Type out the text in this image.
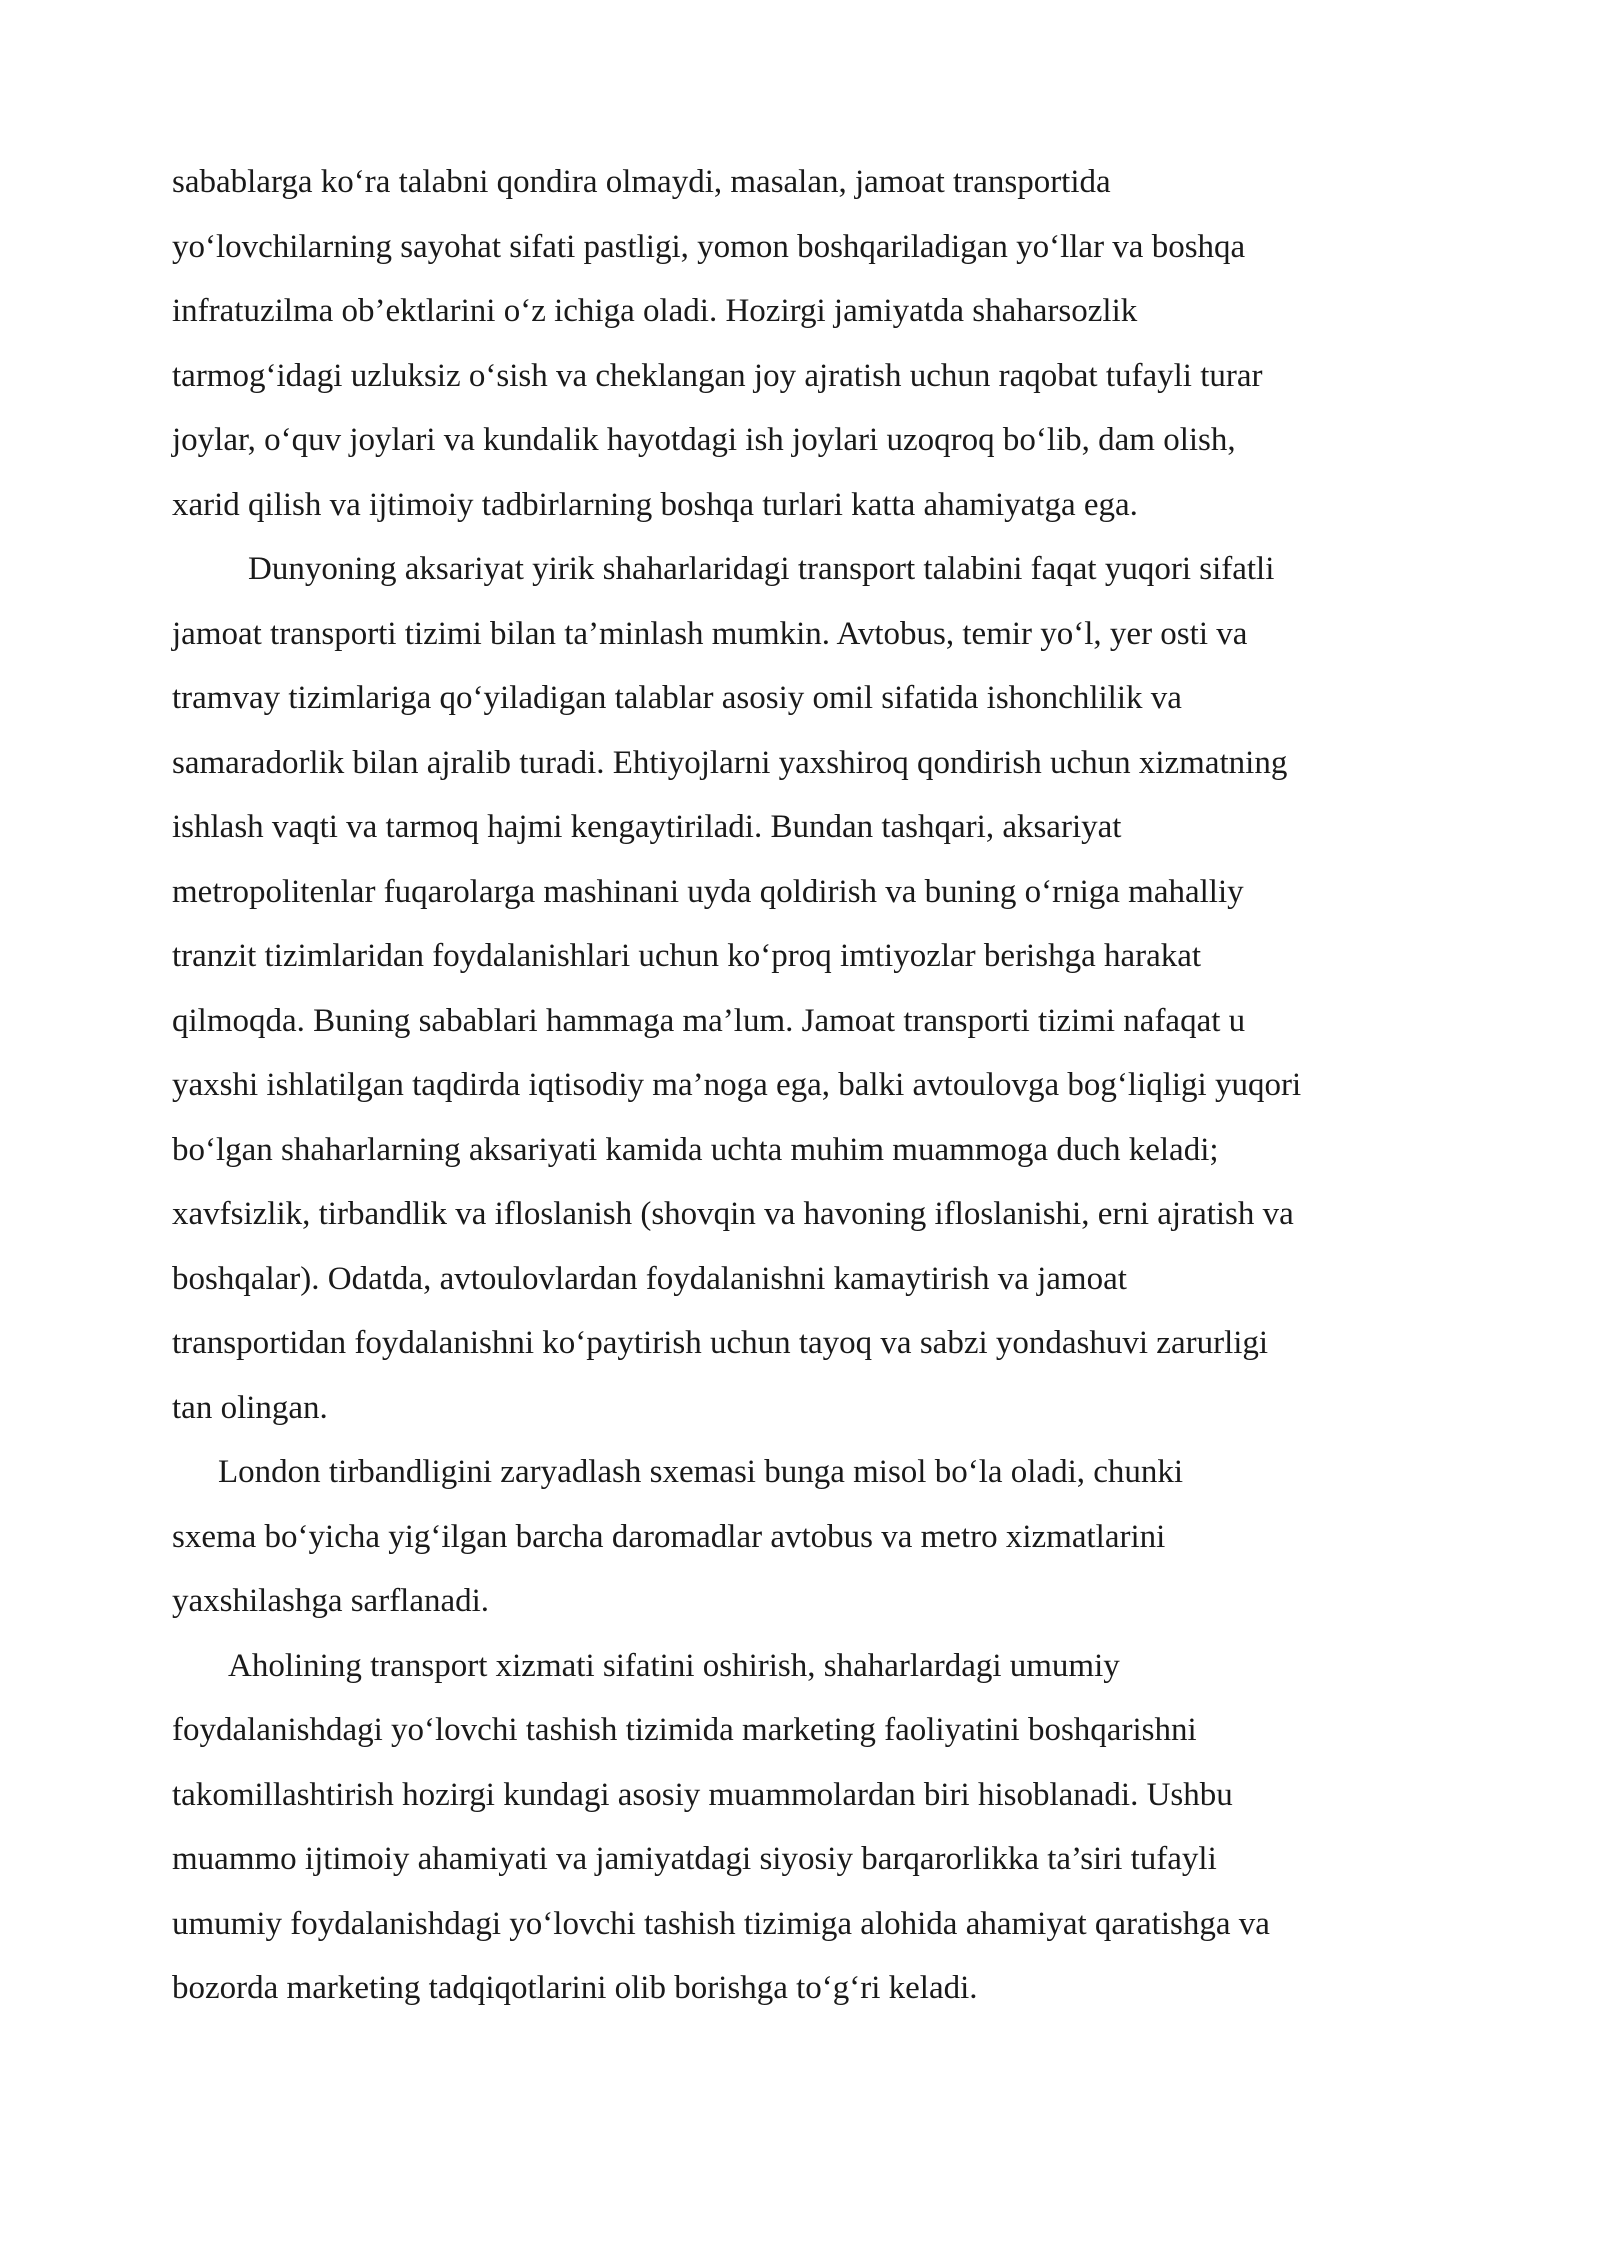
sabablarga ko‘ra talabni qondira olmaydi, masalan, jamoat transportida
yo‘lovchilarning sayohat sifati pastligi, yomon boshqariladigan yo‘llar va boshqa
infratuzilma ob’ektlarini o‘z ichiga oladi. Hozirgi jamiyatda shaharsozlik
tarmog‘idagi uzluksiz o‘sish va cheklangan joy ajratish uchun raqobat tufayli turar
joylar, o‘quv joylari va kundalik hayotdagi ish joylari uzoqroq bo‘lib, dam olish,
xarid qilish va ijtimoiy tadbirlarning boshqa turlari katta ahamiyatga ega.

Dunyoning aksariyat yirik shaharlaridagi transport talabini faqat yuqori sifatli
jamoat transporti tizimi bilan ta’minlash mumkin. Avtobus, temir yo‘l, yer osti va
tramvay tizimlariga qo‘yiladigan talablar asosiy omil sifatida ishonchlilik va
samaradorlik bilan ajralib turadi. Ehtiyojlarni yaxshiroq qondirish uchun xizmatning
ishlash vaqti va tarmoq hajmi kengaytiriladi. Bundan tashqari, aksariyat
metropolitenlar fuqarolarga mashinani uyda qoldirish va buning o‘rniga mahalliy
tranzit tizimlaridan foydalanishlari uchun ko‘proq imtiyozlar berishga harakat
qilmoqda. Buning sabablari hammaga ma’lum. Jamoat transporti tizimi nafaqat u
yaxshi ishlatilgan taqdirda iqtisodiy ma’noga ega, balki avtoulovga bog‘liqligi yuqori
bo‘lgan shaharlarning aksariyati kamida uchta muhim muammoga duch keladi;
xavfsizlik, tirbandlik va ifloslanish (shovqin va havoning ifloslanishi, erni ajratish va
boshqalar). Odatda, avtoulovlardan foydalanishni kamaytirish va jamoat
transportidan foydalanishni ko‘paytirish uchun tayoq va sabzi yondashuvi zarurligi
tan olingan.

London tirbandligini zaryadlash sxemasi bunga misol bo‘la oladi, chunki
sxema bo‘yicha yig‘ilgan barcha daromadlar avtobus va metro xizmatlarini
yaxshilashga sarflanadi.

Aholining transport xizmati sifatini oshirish, shaharlardagi umumiy
foydalanishdagi yo‘lovchi tashish tizimida marketing faoliyatini boshqarishni
takomillashtirish hozirgi kundagi asosiy muammolardan biri hisoblanadi. Ushbu
muammo ijtimoiy ahamiyati va jamiyatdagi siyosiy barqarorlikka ta’siri tufayli
umumiy foydalanishdagi yo‘lovchi tashish tizimiga alohida ahamiyat qaratishga va
bozorda marketing tadqiqotlarini olib borishga to‘g‘ri keladi.
